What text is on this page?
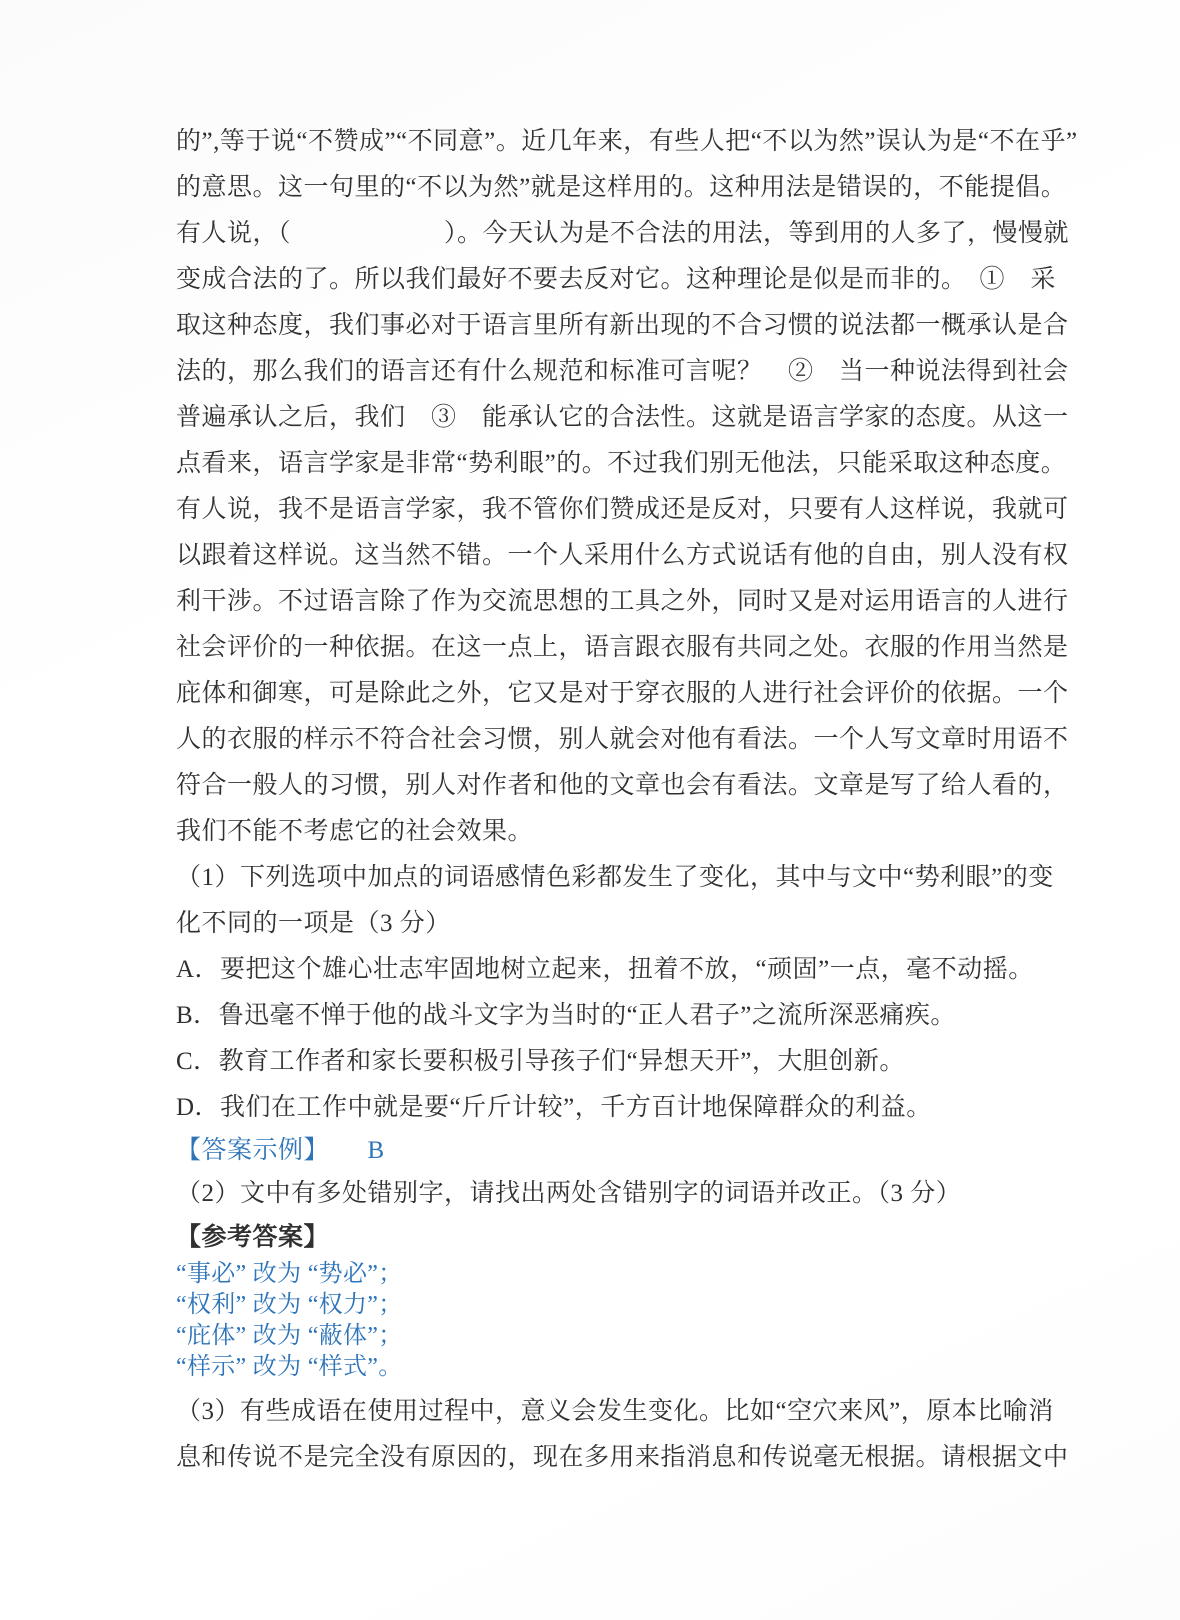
的”,等于说“不赞成”“不同意”。近几年来，有些人把“不以为然”误认为是“不在乎”
的意思。这一句里的“不以为然”就是这样用的。这种用法是错误的，不能提倡。
有人说，（　　　　　　）。今天认为是不合法的用法，等到用的人多了，慢慢就
变成合法的了。所以我们最好不要去反对它。这种理论是似是而非的。　①　采
取这种态度，我们事必对于语言里所有新出现的不合习惯的说法都一概承认是合
法的，那么我们的语言还有什么规范和标准可言呢？　②　当一种说法得到社会
普遍承认之后，我们　③　能承认它的合法性。这就是语言学家的态度。从这一
点看来，语言学家是非常“势利眼”的。不过我们别无他法，只能采取这种态度。
有人说，我不是语言学家，我不管你们赞成还是反对，只要有人这样说，我就可
以跟着这样说。这当然不错。一个人采用什么方式说话有他的自由，别人没有权
利干涉。不过语言除了作为交流思想的工具之外，同时又是对运用语言的人进行
社会评价的一种依据。在这一点上，语言跟衣服有共同之处。衣服的作用当然是
庇体和御寒，可是除此之外，它又是对于穿衣服的人进行社会评价的依据。一个
人的衣服的样示不符合社会习惯，别人就会对他有看法。一个人写文章时用语不
符合一般人的习惯，别人对作者和他的文章也会有看法。文章是写了给人看的，
我们不能不考虑它的社会效果。
（1）下列选项中加点的词语感情色彩都发生了变化，其中与文中“势利眼”的变
化不同的一项是（3 分）
A．要把这个雄心壮志牢固地树立起来，扭着不放，“顽固”一点，毫不动摇。
B．鲁迅毫不惮于他的战斗文字为当时的“正人君子”之流所深恶痛疾。
C．教育工作者和家长要积极引导孩子们“异想天开”，大胆创新。
D．我们在工作中就是要“斤斤计较”，千方百计地保障群众的利益。
【答案示例】　　B
（2）文中有多处错别字，请找出两处含错别字的词语并改正。（3 分）
【参考答案】
“事必” 改为 “势必”；
“权利” 改为 “权力”；
“庇体” 改为 “蔽体”；
“样示” 改为 “样式”。
（3）有些成语在使用过程中，意义会发生变化。比如“空穴来风”，原本比喻消
息和传说不是完全没有原因的，现在多用来指消息和传说毫无根据。请根据文中
